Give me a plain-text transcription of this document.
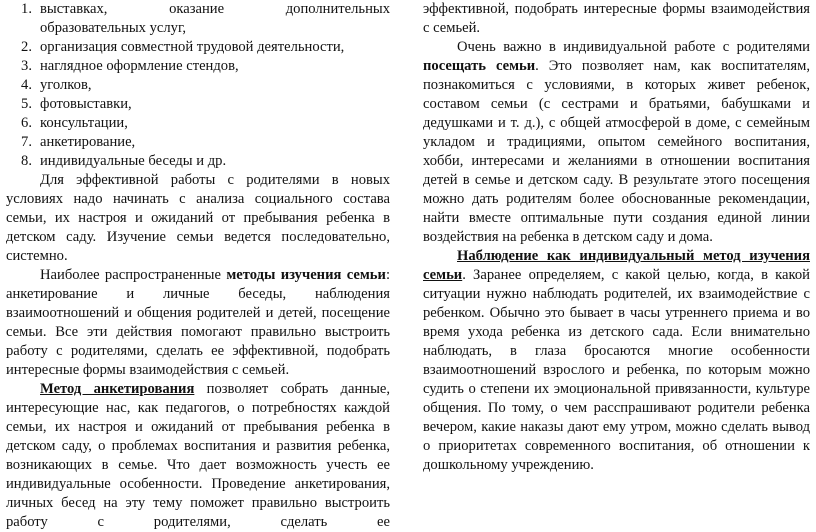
1. выставках, оказание дополнительных
образовательных услуг,
2. организация совместной трудовой деятельности,
3. наглядное оформление стендов,
4. уголков,
5. фотовыставки,
6. консультации,
7. анкетирование,
8. индивидуальные беседы и др.

Для эффективной работы с родителями в новых условиях надо начинать с анализа социального состава семьи, их настроя и ожиданий от пребывания ребенка в детском саду. Изучение семьи ведется последовательно, системно.

Наиболее распространенные методы изучения семьи: анкетирование и личные беседы, наблюдения взаимоотношений и общения родителей и детей, посещение семьи. Все эти действия помогают правильно выстроить работу с родителями, сделать ее эффективной, подобрать интересные формы взаимодействия с семьей.

Метод анкетирования позволяет собрать данные, интересующие нас, как педагогов, о потребностях каждой семьи, их настроя и ожиданий от пребывания ребенка в детском саду, о проблемах воспитания и развития ребенка, возникающих в семье. Что дает возможность учесть ее индивидуальные особенности. Проведение анкетирования, личных бесед на эту тему поможет правильно выстроить работу с родителями, сделать ее

эффективной, подобрать интересные формы взаимодействия с семьей.

Очень важно в индивидуальной работе с родителями посещать семьи. Это позволяет нам, как воспитателям, познакомиться с условиями, в которых живет ребенок, составом семьи (с сестрами и братьями, бабушками и дедушками и т. д.), с общей атмосферой в доме, с семейным укладом и традициями, опытом семейного воспитания, хобби, интересами и желаниями в отношении воспитания детей в семье и детском саду. В результате этого посещения можно дать родителям более обоснованные рекомендации, найти вместе оптимальные пути создания единой линии воздействия на ребенка в детском саду и дома.

Наблюдение как индивидуальный метод изучения семьи. Заранее определяем, с какой целью, когда, в какой ситуации нужно наблюдать родителей, их взаимодействие с ребенком. Обычно это бывает в часы утреннего приема и во время ухода ребенка из детского сада. Если внимательно наблюдать, в глаза бросаются многие особенности взаимоотношений взрослого и ребенка, по которым можно судить о степени их эмоциональной привязанности, культуре общения. По тому, о чем расспрашивают родители ребенка вечером, какие наказы дают ему утром, можно сделать вывод о приоритетах современного воспитания, об отношении к дошкольному учреждению.
